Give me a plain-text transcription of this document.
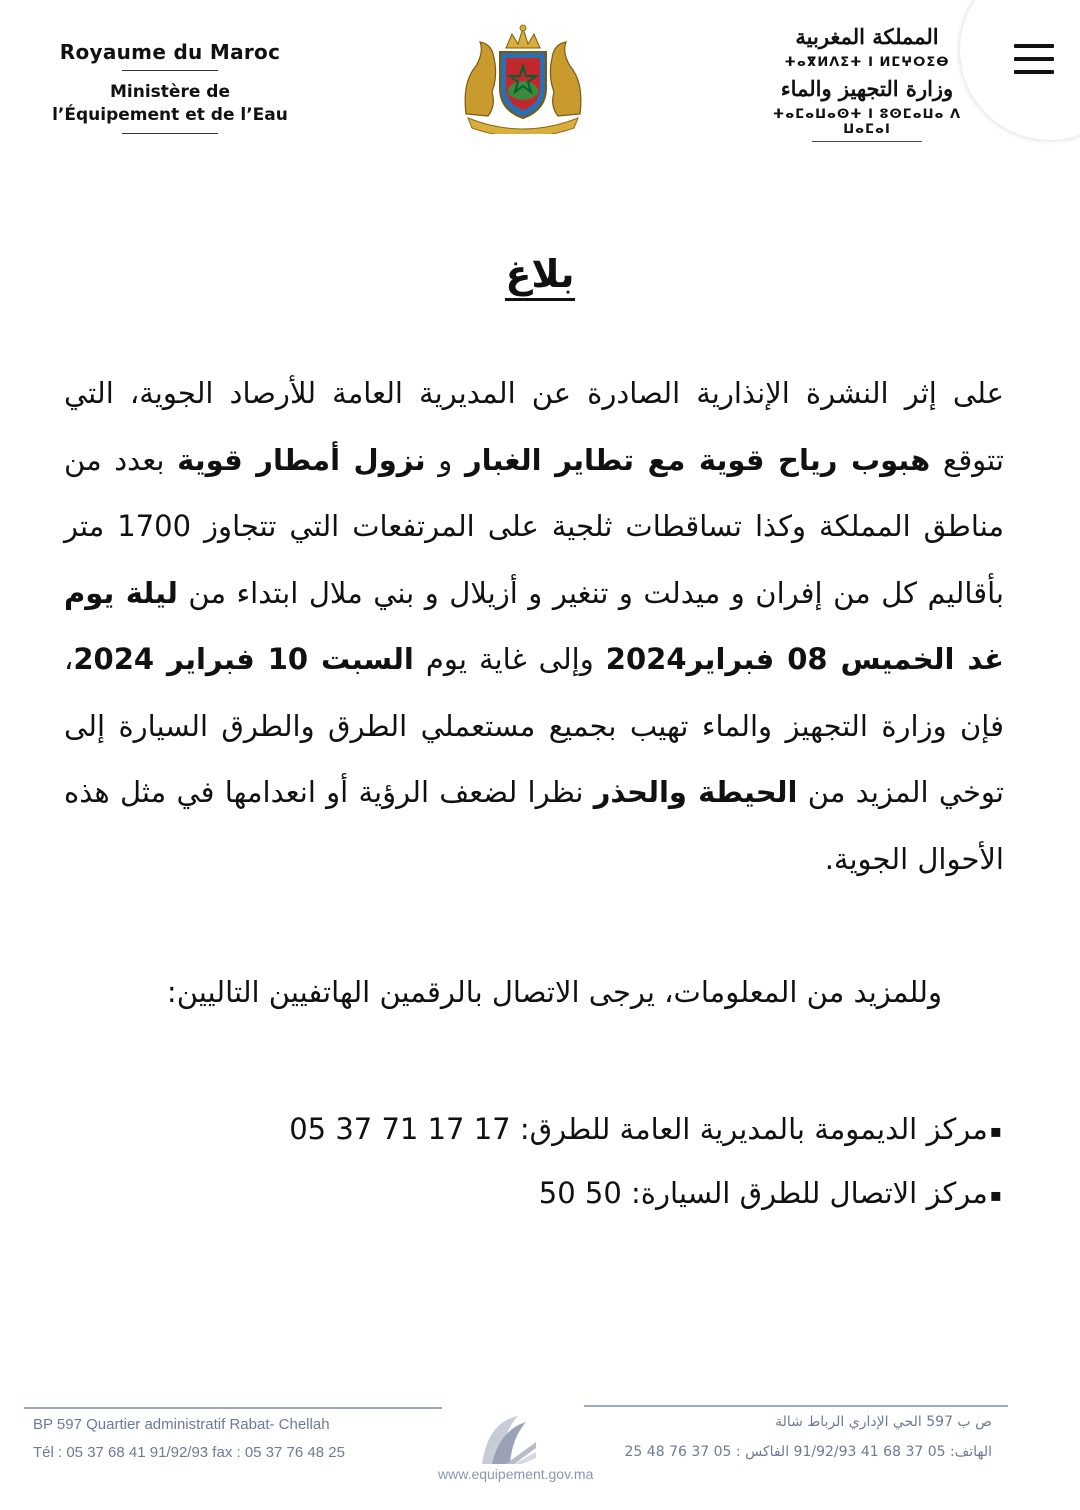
Royaume du Maroc
Ministère de
l’Équipement et de l’Eau
المملكة المغربية
ⵜⴰⴳⵍⴷⵉⵜ ⵏ ⵍⵎⵖⵔⵉⴱ
وزارة التجهيز والماء
ⵜⴰⵎⴰⵡⴰⵙⵜ ⵏ ⵓⵙⵎⴰⵡⴰ ⴷ ⵡⴰⵎⴰⵏ
بلاغ
على إثر النشرة الإنذارية الصادرة عن المديرية العامة للأرصاد الجوية، التي تتوقع هبوب رياح قوية مع تطاير الغبار و نزول أمطار قوية بعدد من مناطق المملكة وكذا تساقطات ثلجية على المرتفعات التي تتجاوز 1700 متر بأقاليم كل من إفران و ميدلت و تنغير و أزيلال و بني ملال ابتداء من ليلة يوم غد الخميس 08 فبراير2024 وإلى غاية يوم السبت 10 فبراير 2024، فإن وزارة التجهيز والماء تهيب بجميع مستعملي الطرق والطرق السيارة إلى توخي المزيد من الحيطة والحذر نظرا لضعف الرؤية أو انعدامها في مثل هذه الأحوال الجوية.
وللمزيد من المعلومات، يرجى الاتصال بالرقمين الهاتفيين التاليين:
▪مركز الديمومة بالمديرية العامة للطرق: 05 37 71 17 17
▪مركز الاتصال للطرق السيارة: 50 50
BP 597 Quartier administratif Rabat- Chellah
Tél : 05 37 68 41 91/92/93 fax : 05 37 76 48 25
ص ب 597 الحي الإداري الرباط شالة
الهاتف: 05 37 68 41 91/92/93 الفاكس : 05 37 76 48 25
www.equipement.gov.ma
